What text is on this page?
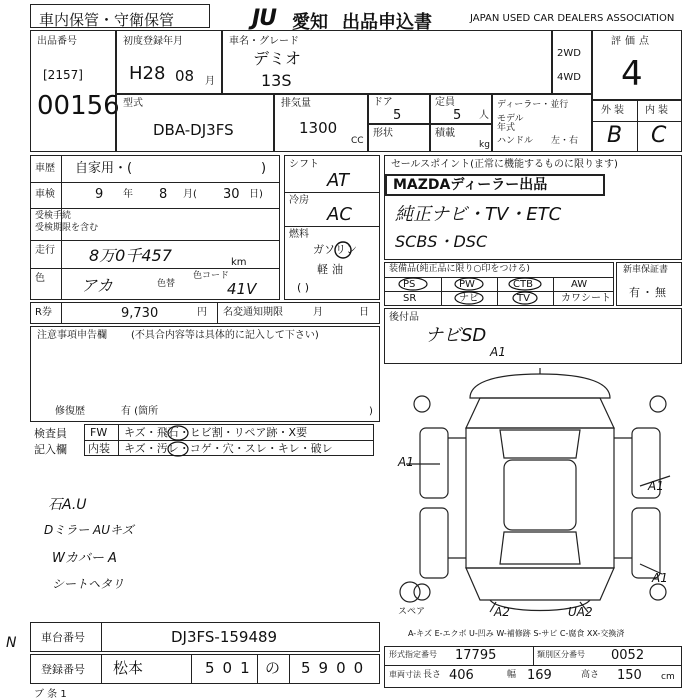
車内保管・守衛保管	JU 愛知 出品申込書	JAPAN USED CAR DEALERS ASSOCIATION
出品番号
[2157]
00156
初度登録年月
H28 08 月
車名・グレード
デミオ
13S
2WD
4WD
評価点
4
型式
DBA-DJ3FS
排気量
1300
CC
ドア
5
定員
5 人
形状	積載
kg
ディーラー・並行
モデル
年式
ハンドル 左・右
外装 内装
B C
車歴 自家用・(	)
車検	9 年 8 月( 30 日)
受検手続
受検期限を含む
走行 8万0千457	km
色 アカ	色替
色コード
41V
シフト
AT
冷房
AC
燃料
ガソリン
軽油
( )
R券	9,730	円 名変通知期限	月	日
セールスポイント(正常に機能するものに限ります)
MAZDAディーラー出品
純正ナビ・TV・ETC
SCBS・DSC
装備品(純正品に限り○印をつける)
PS	PW	CTB	AW
SR	ナビ	TV	カワシート
新車保証書
有・無
後付品
ナビSD
注意事項申告欄 (不具合内容等は具体的に記入して下さい)
修復歴	有 (箇所	)
検査員
記入欄
FW キズ・飛石・ヒビ割・リペア跡・X要
内装 キズ・汚レ・コゲ・穴・スレ・キレ・破レ
石A.U
Dミラー AUキズ
Wカバー A
シートヘタリ
A1
A1
A1
A1
A2	UA2
スペア
A-キズ E-エクボ U-凹み W-補修跡 S-サビ C-腐食 XX-交換済
N 車台番号	DJ3FS-159489
登録番号 松本	501 の 5900
ブ 条 1
形式指定番号 17795	類別区分番号 0052
車両寸法 長さ 406	幅 169	高さ 150 cm
